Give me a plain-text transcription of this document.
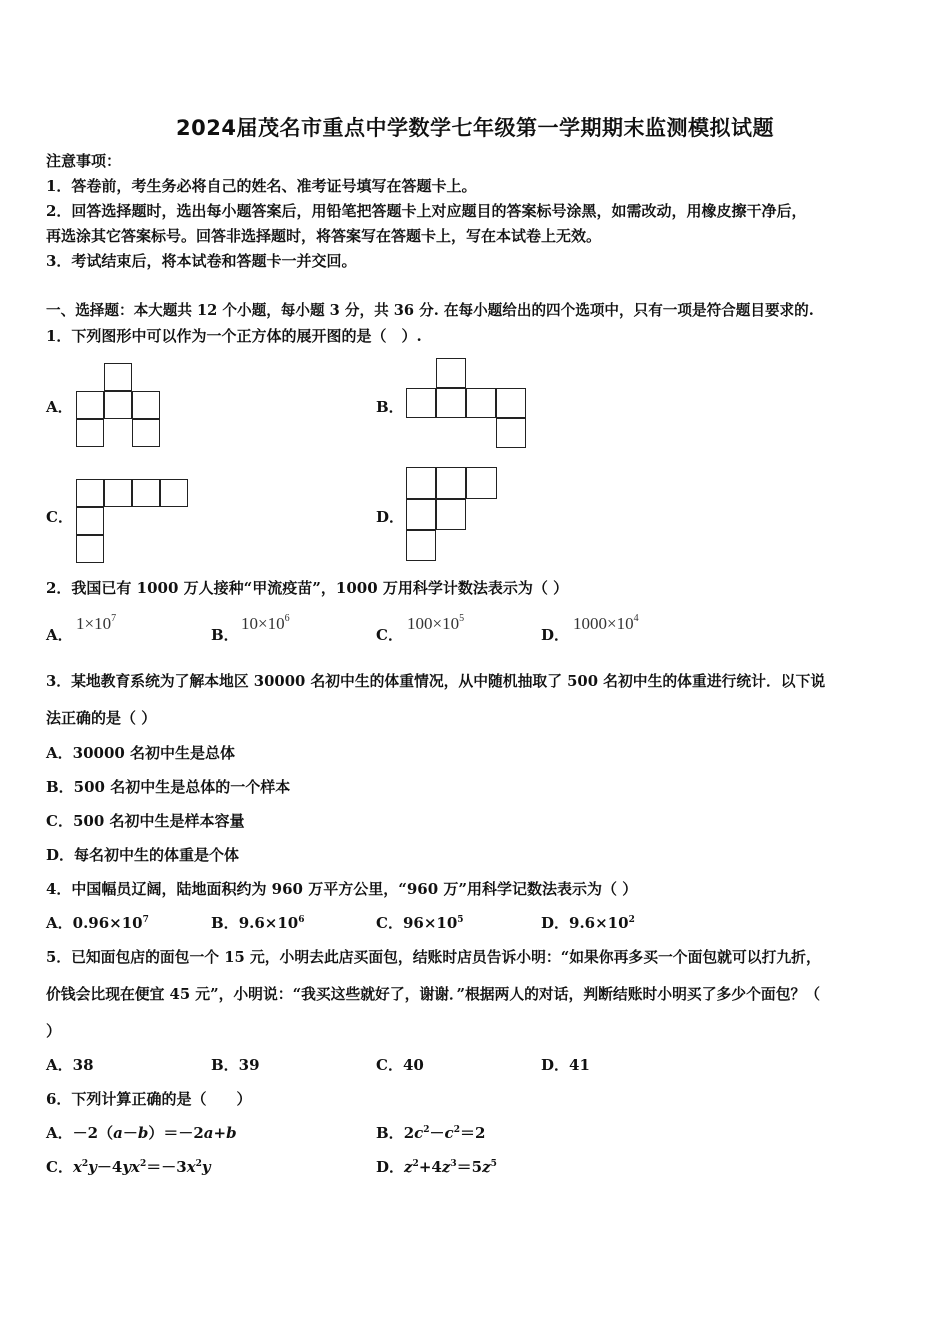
2024届茂名市重点中学数学七年级第一学期期末监测模拟试题
注意事项：
1．答卷前，考生务必将自己的姓名、准考证号填写在答题卡上。
2．回答选择题时，选出每小题答案后，用铅笔把答题卡上对应题目的答案标号涂黑，如需改动，用橡皮擦干净后，
再选涂其它答案标号。回答非选择题时，将答案写在答题卡上，写在本试卷上无效。
3．考试结束后，将本试卷和答题卡一并交回。
一、选择题：本大题共 12 个小题，每小题 3 分，共 36 分. 在每小题给出的四个选项中，只有一项是符合题目要求的.
1．下列图形中可以作为一个正方体的展开图的是（　）.
A．	B．
C．	D．
2．我国已有 1000 万人接种“甲流疫苗”，1000 万用科学计数法表示为（ ）
A．
$1\times 10^7$
B．
$10\times 10^6$
C．
$100\times 10^5$
D．
$1000\times 10^4$
3．某地教育系统为了解本地区 30000 名初中生的体重情况，从中随机抽取了 500 名初中生的体重进行统计．以下说
法正确的是（ ）
A．30000 名初中生是总体
B．500 名初中生是总体的一个样本
C．500 名初中生是样本容量
D．每名初中生的体重是个体
4．中国幅员辽阔，陆地面积约为 960 万平方公里，“960 万”用科学记数法表示为（ ）
A．$0.96\times 10^7$	B．$9.6\times 10^6$	C．$96\times 10^5$	D．$9.6\times 10^2$
5．已知面包店的面包一个 15 元，小明去此店买面包，结账时店员告诉小明：“如果你再多买一个面包就可以打九折，
价钱会比现在便宜 45 元”，小明说：“我买这些就好了，谢谢．”根据两人的对话，判断结账时小明买了多少个面包？（
）
A．38	B．39	C．40	D．41
6．下列计算正确的是（　　）
A．－2（a－b）＝－2a+b	B．$2c^2-c^2=2$
C．$x^2y-4yx^2=-3x^2y$	D．$z^2+4z^3=5z^5$
